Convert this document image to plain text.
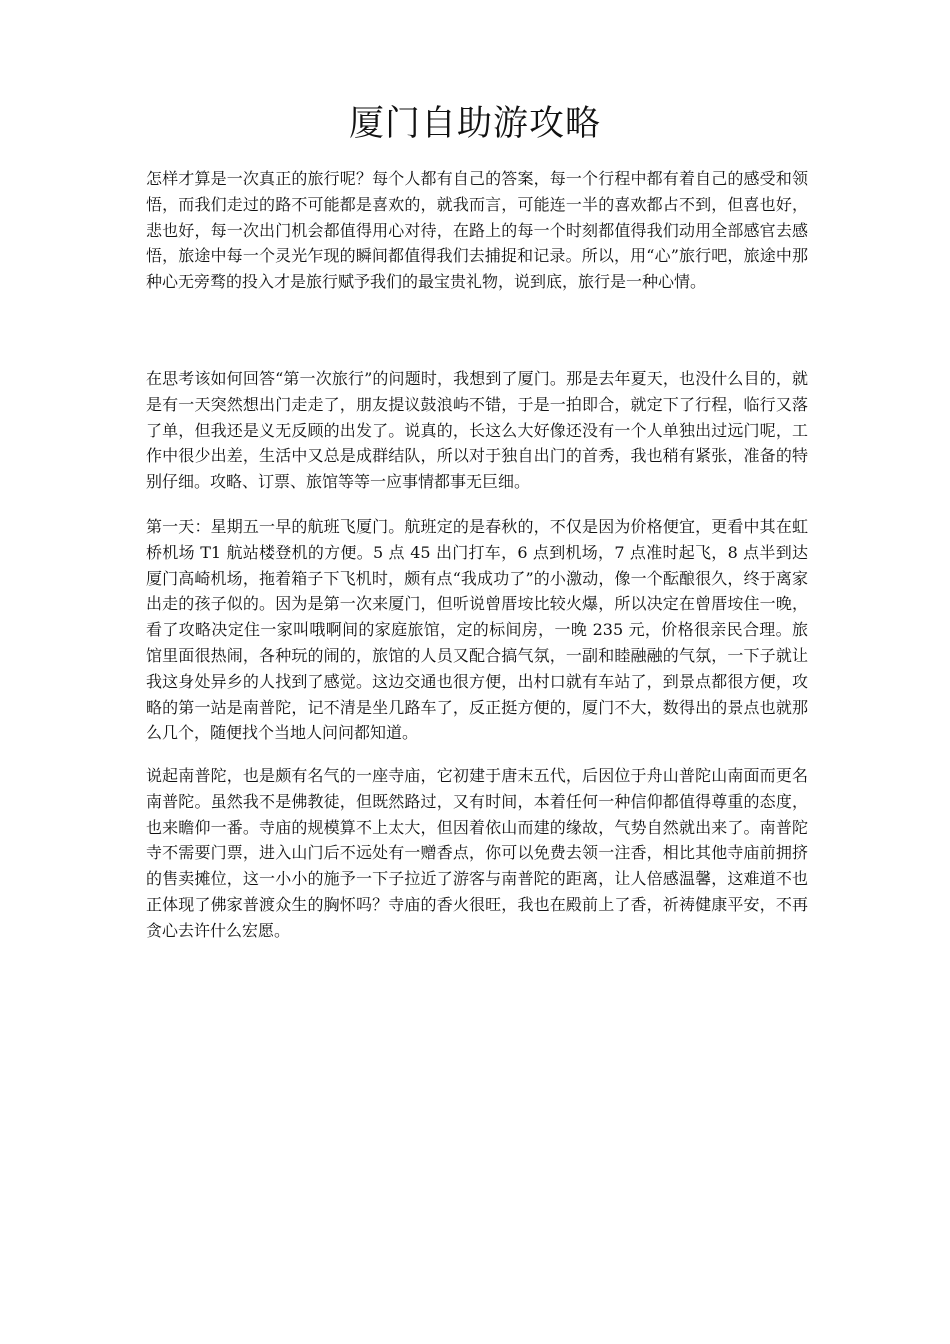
厦门自助游攻略

怎样才算是一次真正的旅行呢？每个人都有自己的答案，每一个行程中都有着自己的感受和领悟，而我们走过的路不可能都是喜欢的，就我而言，可能连一半的喜欢都占不到，但喜也好，悲也好，每一次出门机会都值得用心对待，在路上的每一个时刻都值得我们动用全部感官去感悟，旅途中每一个灵光乍现的瞬间都值得我们去捕捉和记录。所以，用“心”旅行吧，旅途中那种心无旁骛的投入才是旅行赋予我们的最宝贵礼物，说到底，旅行是一种心情。

在思考该如何回答“第一次旅行”的问题时，我想到了厦门。那是去年夏天，也没什么目的，就是有一天突然想出门走走了，朋友提议鼓浪屿不错，于是一拍即合，就定下了行程，临行又落了单，但我还是义无反顾的出发了。说真的，长这么大好像还没有一个人单独出过远门呢，工作中很少出差，生活中又总是成群结队，所以对于独自出门的首秀，我也稍有紧张，准备的特别仔细。攻略、订票、旅馆等等一应事情都事无巨细。

第一天：星期五一早的航班飞厦门。航班定的是春秋的，不仅是因为价格便宜，更看中其在虹桥机场 T1 航站楼登机的方便。5 点 45 出门打车，6 点到机场，7 点准时起飞，8 点半到达厦门高崎机场，拖着箱子下飞机时，颇有点“我成功了”的小激动，像一个酝酿很久，终于离家出走的孩子似的。因为是第一次来厦门，但听说曾厝垵比较火爆，所以决定在曾厝垵住一晚，看了攻略决定住一家叫哦啊间的家庭旅馆，定的标间房，一晚 235 元，价格很亲民合理。旅馆里面很热闹，各种玩的闹的，旅馆的人员又配合搞气氛，一副和睦融融的气氛，一下子就让我这身处异乡的人找到了感觉。这边交通也很方便，出村口就有车站了，到景点都很方便，攻略的第一站是南普陀，记不清是坐几路车了，反正挺方便的，厦门不大，数得出的景点也就那么几个，随便找个当地人问问都知道。

说起南普陀，也是颇有名气的一座寺庙，它初建于唐末五代，后因位于舟山普陀山南面而更名南普陀。虽然我不是佛教徒，但既然路过，又有时间，本着任何一种信仰都值得尊重的态度，也来瞻仰一番。寺庙的规模算不上太大，但因着依山而建的缘故，气势自然就出来了。南普陀寺不需要门票，进入山门后不远处有一赠香点，你可以免费去领一注香，相比其他寺庙前拥挤的售卖摊位，这一小小的施予一下子拉近了游客与南普陀的距离，让人倍感温馨，这难道不也正体现了佛家普渡众生的胸怀吗？寺庙的香火很旺，我也在殿前上了香，祈祷健康平安，不再贪心去许什么宏愿。
